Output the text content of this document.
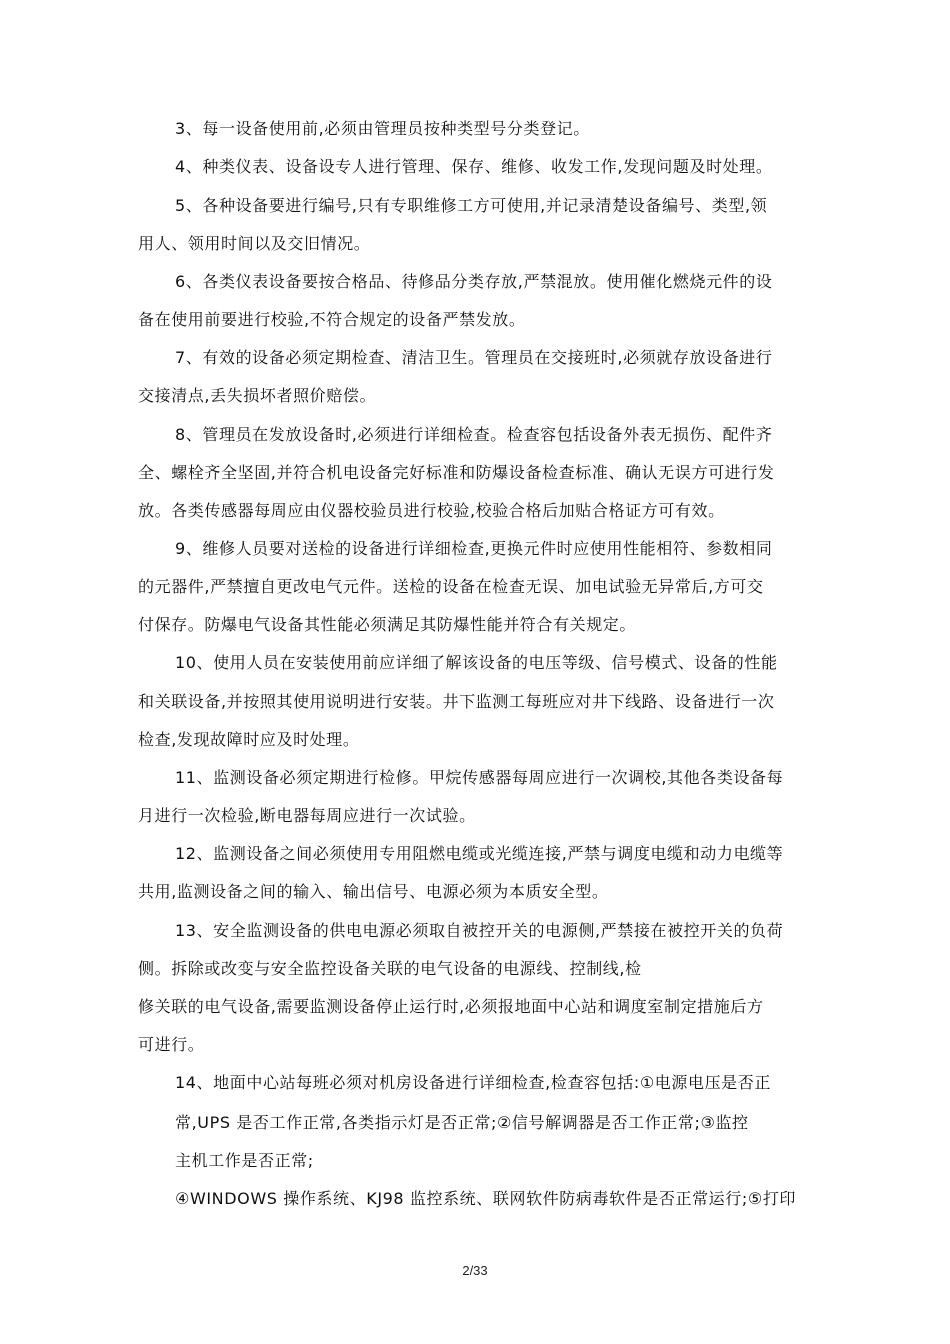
3、每一设备使用前,必须由管理员按种类型号分类登记。
4、种类仪表、设备设专人进行管理、保存、维修、收发工作,发现问题及时处理。
5、各种设备要进行编号,只有专职维修工方可使用,并记录清楚设备编号、类型,领
用人、领用时间以及交旧情况。
6、各类仪表设备要按合格品、待修品分类存放,严禁混放。使用催化燃烧元件的设
备在使用前要进行校验,不符合规定的设备严禁发放。
7、有效的设备必须定期检查、清洁卫生。管理员在交接班时,必须就存放设备进行
交接清点,丢失损坏者照价赔偿。
8、管理员在发放设备时,必须进行详细检查。检查容包括设备外表无损伤、配件齐
全、螺栓齐全坚固,并符合机电设备完好标准和防爆设备检查标准、确认无误方可进行发
放。各类传感器每周应由仪器校验员进行校验,校验合格后加贴合格证方可有效。
9、维修人员要对送检的设备进行详细检查,更换元件时应使用性能相符、参数相同
的元器件,严禁擅自更改电气元件。送检的设备在检查无误、加电试验无异常后,方可交
付保存。防爆电气设备其性能必须满足其防爆性能并符合有关规定。
10、使用人员在安装使用前应详细了解该设备的电压等级、信号模式、设备的性能
和关联设备,并按照其使用说明进行安装。井下监测工每班应对井下线路、设备进行一次
检查,发现故障时应及时处理。
11、监测设备必须定期进行检修。甲烷传感器每周应进行一次调校,其他各类设备每
月进行一次检验,断电器每周应进行一次试验。
12、监测设备之间必须使用专用阻燃电缆或光缆连接,严禁与调度电缆和动力电缆等
共用,监测设备之间的输入、输出信号、电源必须为本质安全型。
13、安全监测设备的供电电源必须取自被控开关的电源侧,严禁接在被控开关的负荷
侧。拆除或改变与安全监控设备关联的电气设备的电源线、控制线,检
修关联的电气设备,需要监测设备停止运行时,必须报地面中心站和调度室制定措施后方
可进行。
14、地面中心站每班必须对机房设备进行详细检查,检查容包括:①电源电压是否正
常,UPS 是否工作正常,各类指示灯是否正常;②信号解调器是否工作正常;③监控
主机工作是否正常;
④WINDOWS 操作系统、KJ98 监控系统、联网软件防病毒软件是否正常运行;⑤打印
2/33
